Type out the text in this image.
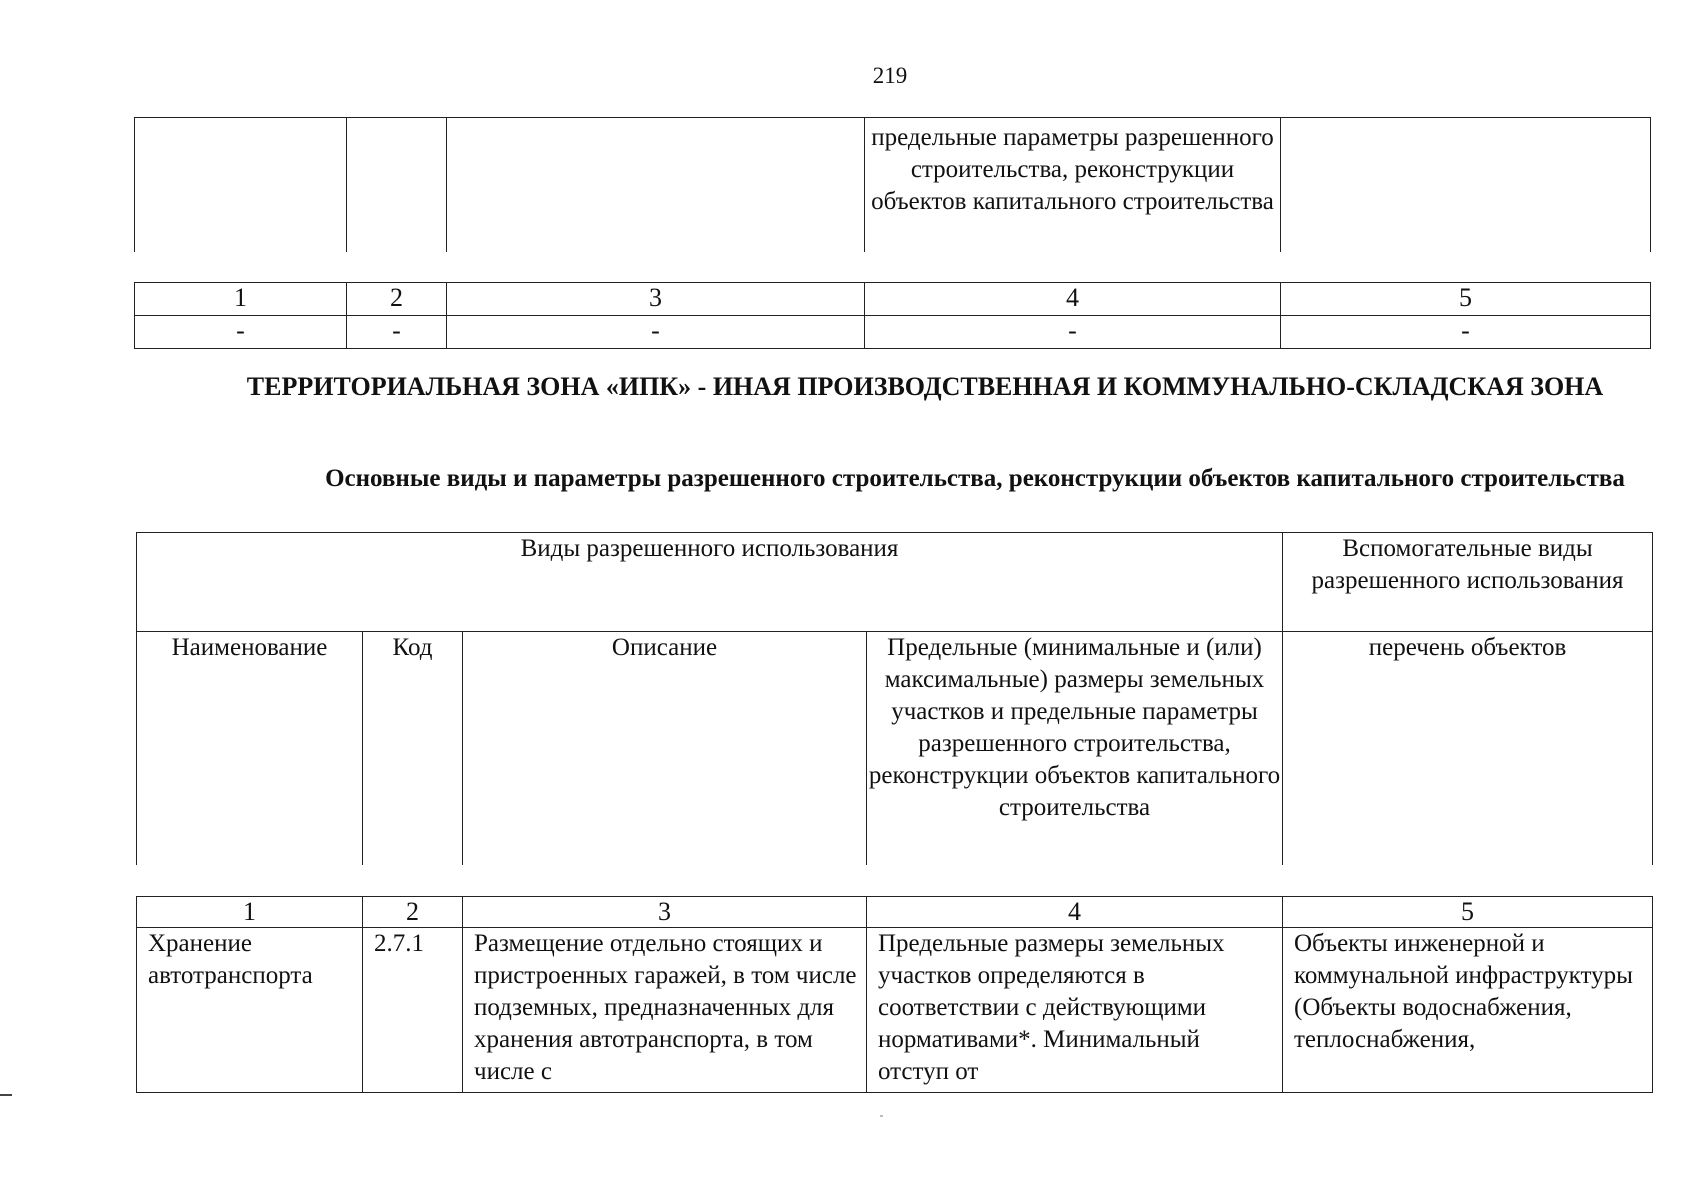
219
			предельные параметры разрешенного строительства, реконструкции объектов капитального строительства	
1	2	3	4	5
-	-	-	-	-
ТЕРРИТОРИАЛЬНАЯ ЗОНА «ИПК» - ИНАЯ ПРОИЗВОДСТВЕННАЯ И КОММУНАЛЬНО-СКЛАДСКАЯ ЗОНА
Основные виды и параметры разрешенного строительства, реконструкции объектов капитального строительства
Виды разрешенного использования				Вспомогательные виды разрешенного использования
Наименование	Код	Описание	Предельные (минимальные и (или) максимальные) размеры земельных участков и предельные параметры разрешенного строительства, реконструкции объектов капитального строительства	перечень объектов
1	2	3	4	5
Хранение автотранспорта	2.7.1	Размещение отдельно стоящих и пристроенных гаражей, в том числе подземных, предназначенных для хранения автотранспорта, в том числе с	Предельные размеры земельных участков определяются в соответствии с действующими нормативами*. Минимальный отступ от	Объекты инженерной и коммунальной инфраструктуры (Объекты водоснабжения, теплоснабжения,
